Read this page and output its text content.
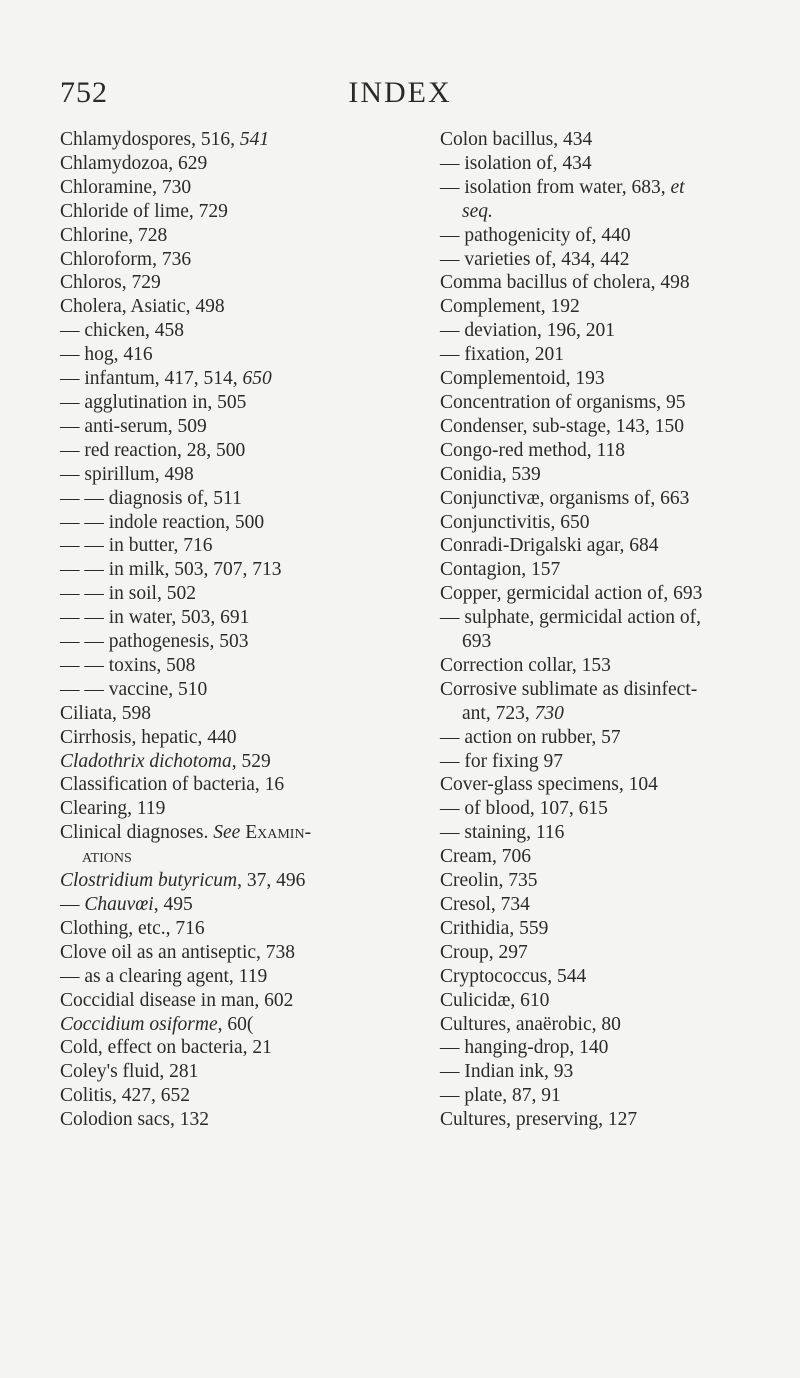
752	INDEX
Chlamydospores, 516, 541
Chlamydozoa, 629
Chloramine, 730
Chloride of lime, 729
Chlorine, 728
Chloroform, 736
Chloros, 729
Cholera, Asiatic, 498
— chicken, 458
— hog, 416
— infantum, 417, 514, 650
— agglutination in, 505
— anti-serum, 509
— red reaction, 28, 500
— spirillum, 498
— — diagnosis of, 511
— — indole reaction, 500
— — in butter, 716
— — in milk, 503, 707, 713
— — in soil, 502
— — in water, 503, 691
— — pathogenesis, 503
— — toxins, 508
— — vaccine, 510
Ciliata, 598
Cirrhosis, hepatic, 440
Cladothrix dichotoma, 529
Classification of bacteria, 16
Clearing, 119
Clinical diagnoses. See Examin-
ations
Clostridium butyricum, 37, 496
— Chauvœi, 495
Clothing, etc., 716
Clove oil as an antiseptic, 738
— as a clearing agent, 119
Coccidial disease in man, 602
Coccidium osiforme, 60(
Cold, effect on bacteria, 21
Coley's fluid, 281
Colitis, 427, 652
Colodion sacs, 132
Colon bacillus, 434
— isolation of, 434
— isolation from water, 683, et
seq.
— pathogenicity of, 440
— varieties of, 434, 442
Comma bacillus of cholera, 498
Complement, 192
— deviation, 196, 201
— fixation, 201
Complementoid, 193
Concentration of organisms, 95
Condenser, sub-stage, 143, 150
Congo-red method, 118
Conidia, 539
Conjunctivæ, organisms of, 663
Conjunctivitis, 650
Conradi-Drigalski agar, 684
Contagion, 157
Copper, germicidal action of, 693
— sulphate, germicidal action of,
693
Correction collar, 153
Corrosive sublimate as disinfect-
ant, 723, 730
— action on rubber, 57
— for fixing 97
Cover-glass specimens, 104
— of blood, 107, 615
— staining, 116
Cream, 706
Creolin, 735
Cresol, 734
Crithidia, 559
Croup, 297
Cryptococcus, 544
Culicidæ, 610
Cultures, anaërobic, 80
— hanging-drop, 140
— Indian ink, 93
— plate, 87, 91
Cultures, preserving, 127
